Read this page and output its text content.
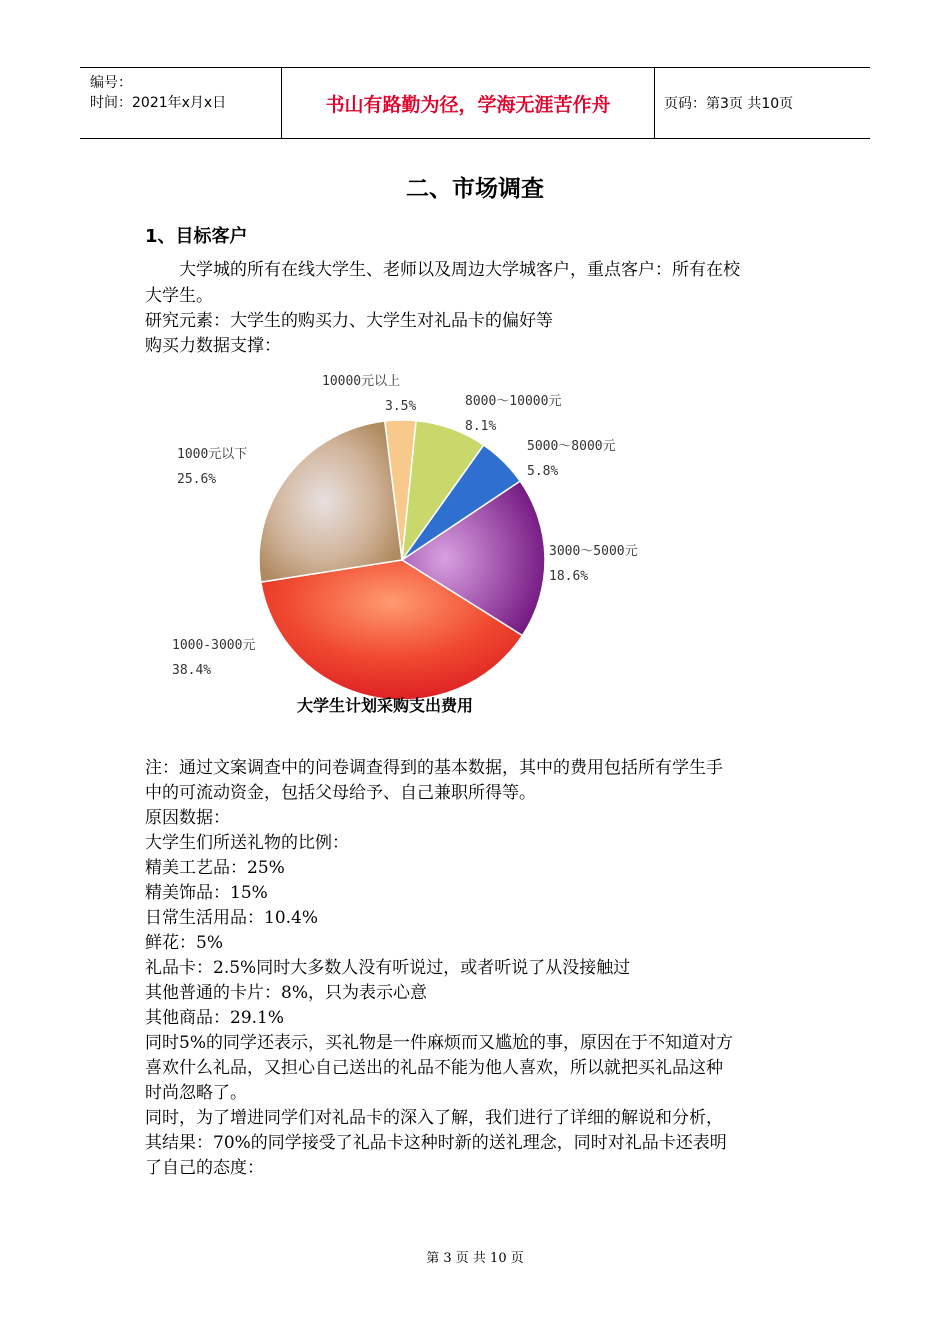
编号：
时间：2021年x月x日	书山有路勤为径，学海无涯苦作舟	页码：第3页 共10页
二、市场调查
1、目标客户
大学城的所有在线大学生、老师以及周边大学城客户，重点客户：所有在校
大学生。
研究元素：大学生的购买力、大学生对礼品卡的偏好等
购买力数据支撑：
10000元以上
3.5%	8000～10000元
8.1%
5000～8000元
5.8%
3000～5000元
18.6%
1000-3000元
38.4%
1000元以下
25.6%
大学生计划采购支出费用
注：通过文案调查中的问卷调查得到的基本数据，其中的费用包括所有学生手
中的可流动资金，包括父母给予、自己兼职所得等。
原因数据：
大学生们所送礼物的比例：
精美工艺品：25%
精美饰品：15%
日常生活用品：10.4%
鲜花：5%
礼品卡：2.5%同时大多数人没有听说过，或者听说了从没接触过
其他普通的卡片：8%，只为表示心意
其他商品：29.1%
同时5%的同学还表示，买礼物是一件麻烦而又尴尬的事，原因在于不知道对方
喜欢什么礼品，又担心自己送出的礼品不能为他人喜欢，所以就把买礼品这种
时尚忽略了。
同时，为了增进同学们对礼品卡的深入了解，我们进行了详细的解说和分析，
其结果：70%的同学接受了礼品卡这种时新的送礼理念，同时对礼品卡还表明
了自己的态度：
第 3 页 共 10 页
